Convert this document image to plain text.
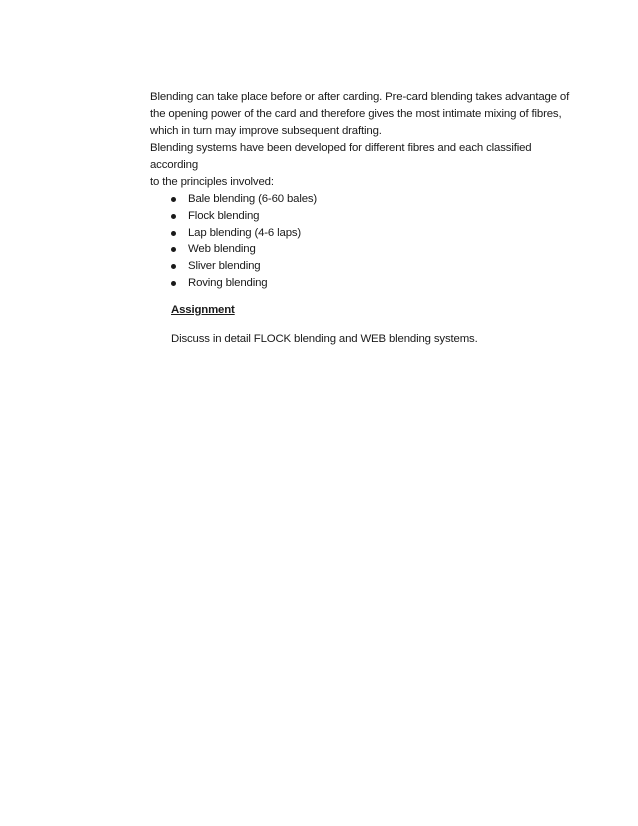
Blending can take place before or after carding. Pre-card blending takes advantage of
the opening power of the card and therefore gives the most intimate mixing of fibres,
which in turn may improve subsequent drafting.
Blending systems have been developed for different fibres and each classified according
to the principles involved:

Bale blending (6-60 bales)
Flock blending
Lap blending (4-6 laps)
Web blending
Sliver blending
Roving blending
Assignment
Discuss in detail FLOCK blending and WEB blending systems.
